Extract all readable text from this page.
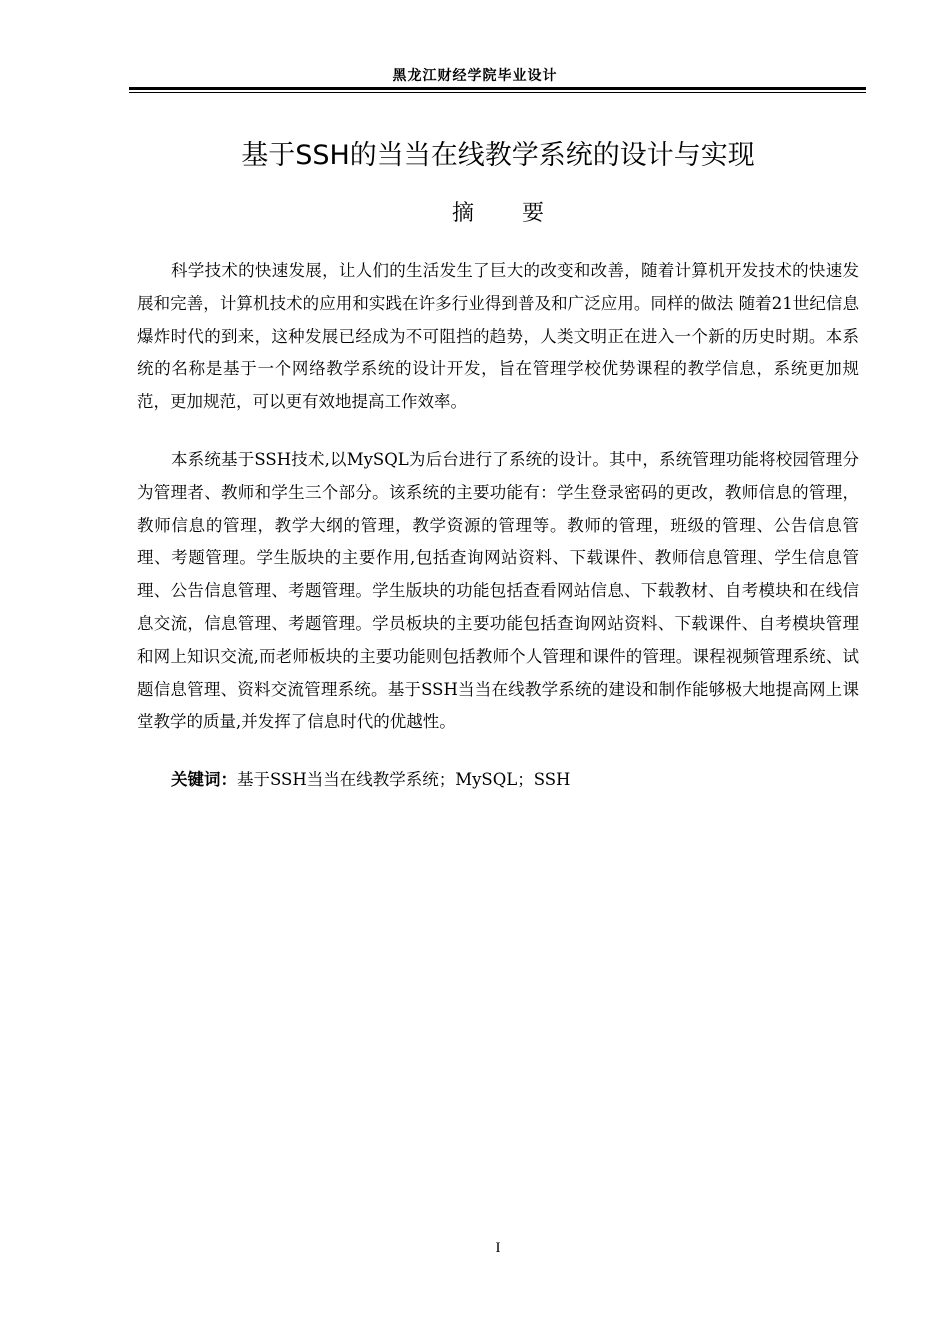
黑龙江财经学院毕业设计
基于SSH的当当在线教学系统的设计与实现
摘要
科学技术的快速发展，让人们的生活发生了巨大的改变和改善，随着计算机开发技术的快速发展和完善，计算机技术的应用和实践在许多行业得到普及和广泛应用。同样的做法 随着21世纪信息爆炸时代的到来，这种发展已经成为不可阻挡的趋势，人类文明正在进入一个新的历史时期。本系统的名称是基于一个网络教学系统的设计开发，旨在管理学校优势课程的教学信息，系统更加规范，更加规范，可以更有效地提高工作效率。
本系统基于SSH技术,以MySQL为后台进行了系统的设计。其中，系统管理功能将校园管理分为管理者、教师和学生三个部分。该系统的主要功能有：学生登录密码的更改，教师信息的管理，教师信息的管理，教学大纲的管理，教学资源的管理等。教师的管理，班级的管理、公告信息管理、考题管理。学生版块的主要作用,包括查询网站资料、下载课件、教师信息管理、学生信息管理、公告信息管理、考题管理。学生版块的功能包括查看网站信息、下载教材、自考模块和在线信息交流，信息管理、考题管理。学员板块的主要功能包括查询网站资料、下载课件、自考模块管理和网上知识交流,而老师板块的主要功能则包括教师个人管理和课件的管理。课程视频管理系统、试题信息管理、资料交流管理系统。基于SSH当当在线教学系统的建设和制作能够极大地提高网上课堂教学的质量,并发挥了信息时代的优越性。
关键词：基于SSH当当在线教学系统；MySQL；SSH
I
